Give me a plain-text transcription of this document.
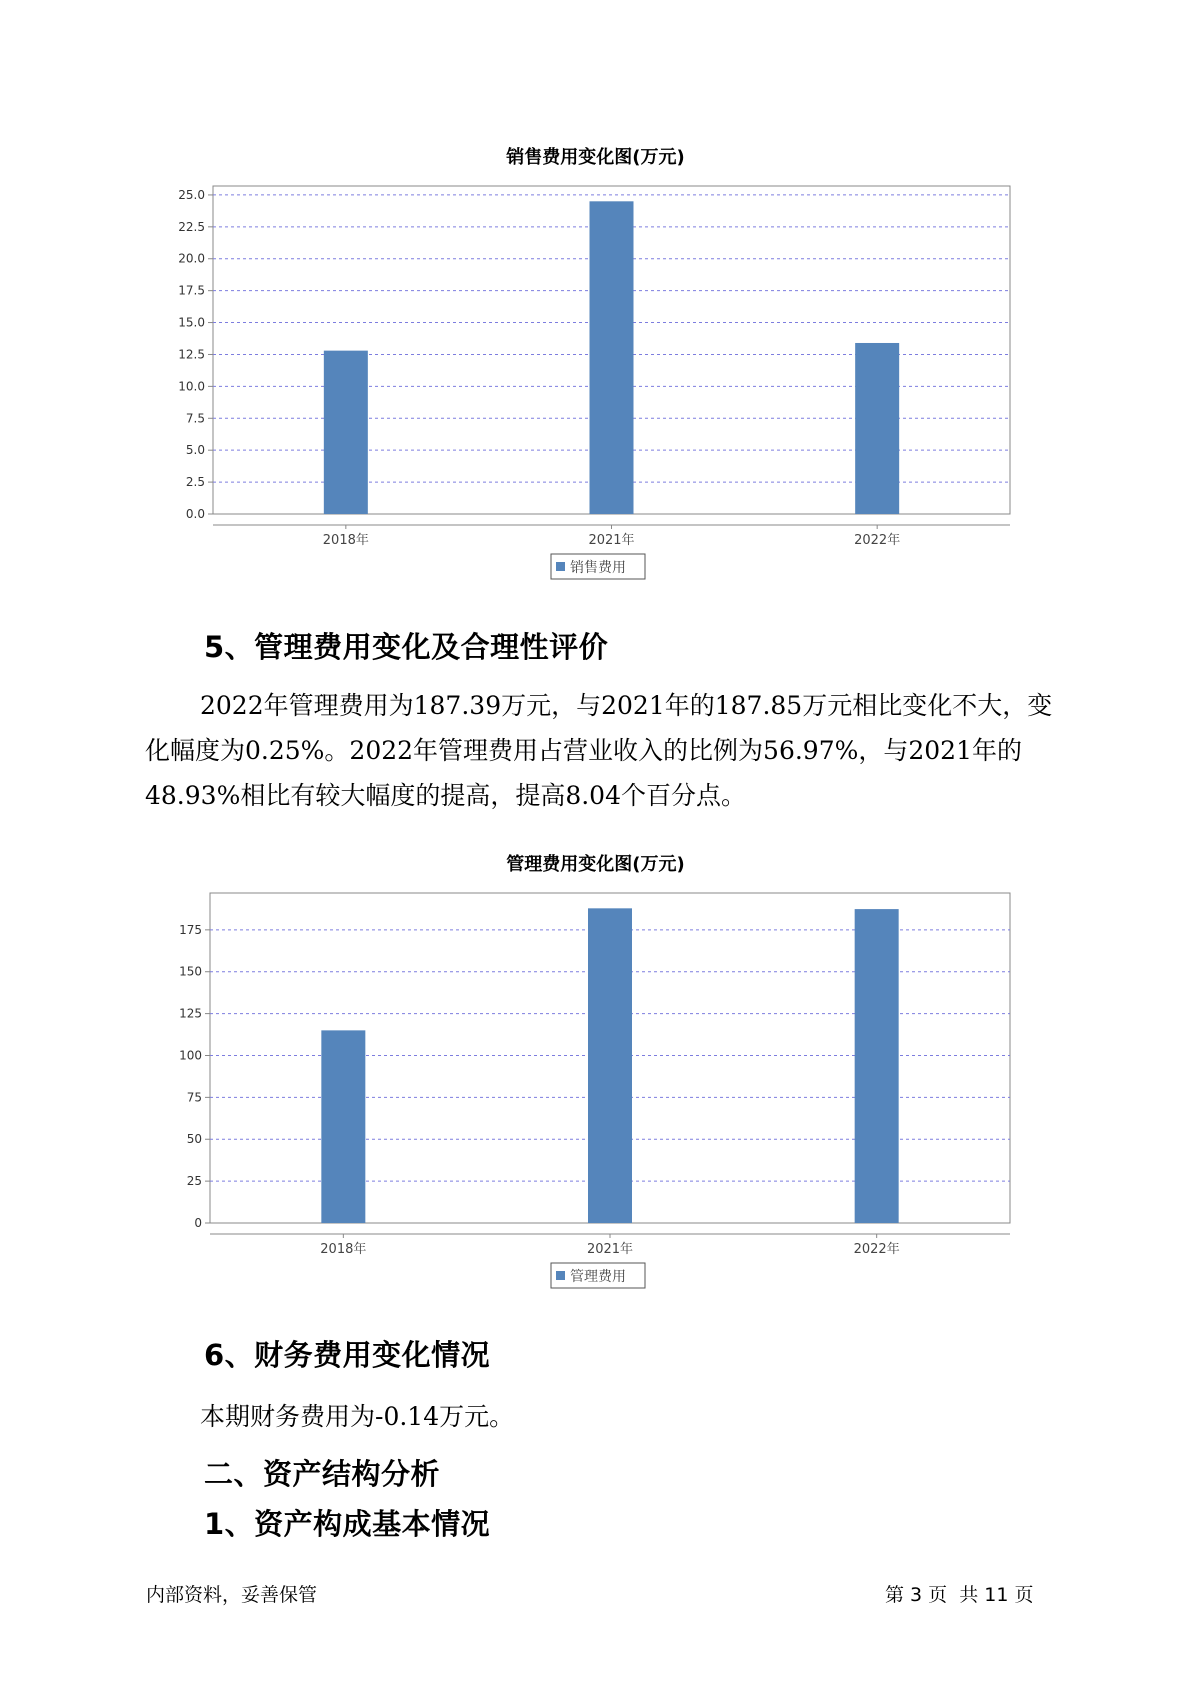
销售费用变化图(万元)
0.0
2.5
5.0
7.5
10.0
12.5
15.0
17.5
20.0
22.5
25.0
2018年	2021年	2022年
销售费用
5、管理费用变化及合理性评价
2022年管理费用为187.39万元，与2021年的187.85万元相比变化不大，变化幅度为0.25%。2022年管理费用占营业收入的比例为56.97%，与2021年的48.93%相比有较大幅度的提高，提高8.04个百分点。
管理费用变化图(万元)
0
25
50
75
100
125
150
175
2018年	2021年	2022年
管理费用
6、财务费用变化情况
本期财务费用为-0.14万元。
二、资产结构分析
1、资产构成基本情况
内部资料，妥善保管	第 3 页  共 11 页
